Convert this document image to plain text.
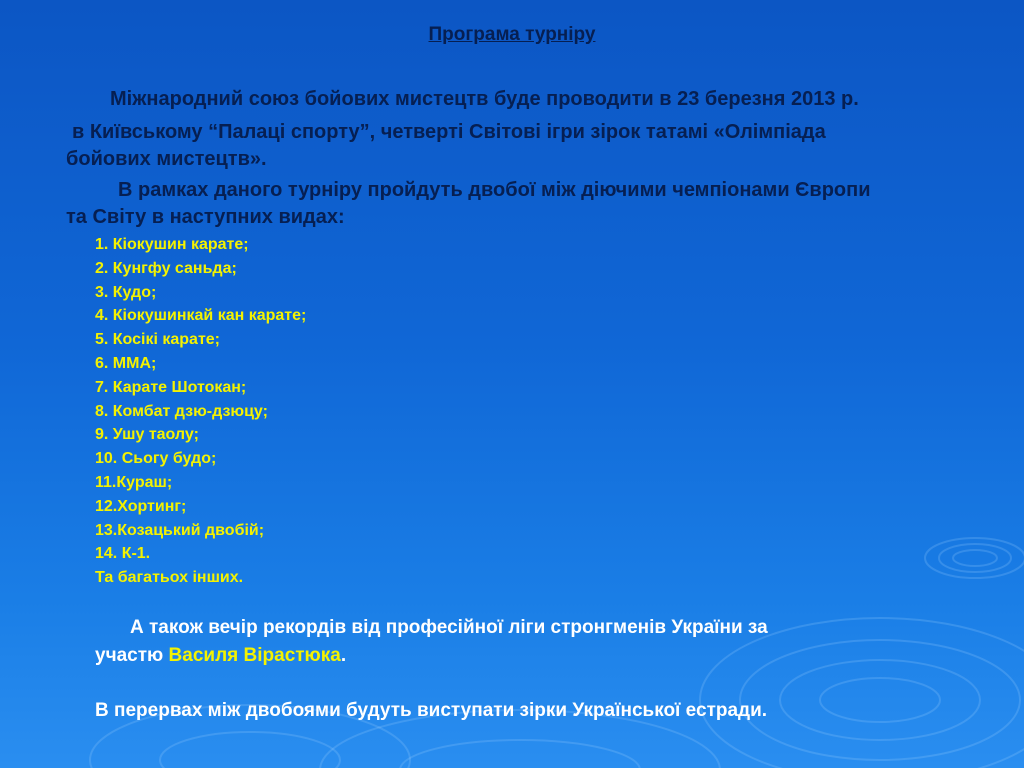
Програма турніру

Міжнародний союз бойових мистецтв буде проводити в 23 березня 2013 р.

в Київському “Палаці спорту”, четверті Світові ігри зірок татамі «Олімпіада

бойових мистецтв».

В рамках даного турніру пройдуть двобої між діючими чемпіонами Європи

та Світу в наступних видах:

1. Кіокушин карате;
2. Кунгфу саньда;
3. Кудо;
4. Кіокушинкай кан карате;
5. Косікі карате;
6. ММА;
7. Карате Шотокан;
8. Комбат дзю-дзюцу;
9. Ушу таолу;
10. Сьогу будо;
11.Кураш;
12.Хортинг;
13.Козацький двобій;
14. К-1.
Та багатьох інших.

А також вечір рекордів від професійної ліги стронгменів України за

участю Василя Вірастюка.

В перервах між двобоями будуть виступати зірки Української естради.
